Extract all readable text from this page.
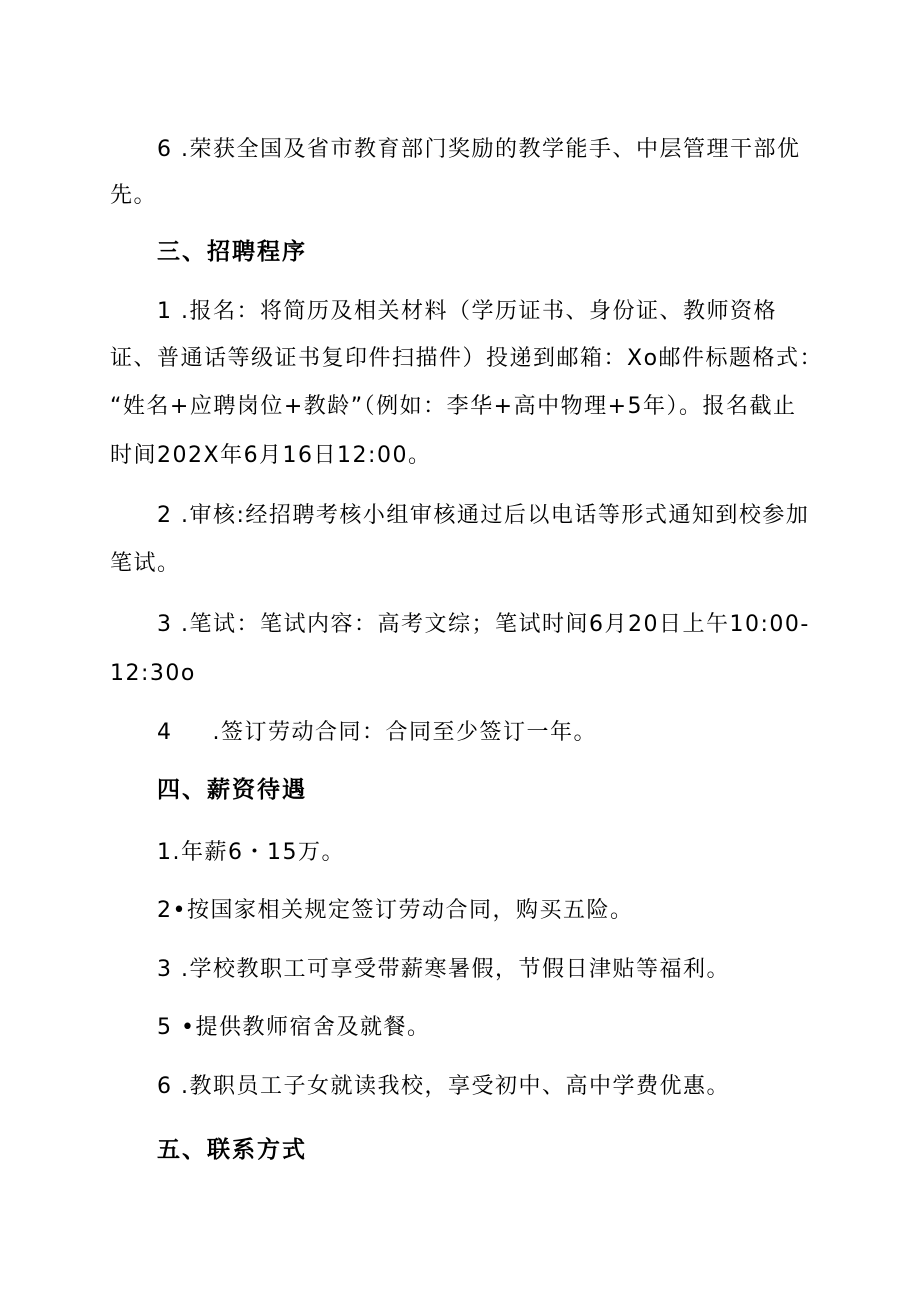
6 .荣获全国及省市教育部门奖励的教学能手、中层管理干部优
先。
三、招聘程序
1 .报名：将简历及相关材料（学历证书、身份证、教师资格
证、普通话等级证书复印件扫描件）投递到邮箱：Xo邮件标题格式：
“姓名+应聘岗位+教龄”（例如：李华+高中物理+5年）。报名截止
时间202X年6月16日12:00。
2 .审核:经招聘考核小组审核通过后以电话等形式通知到校参加
笔试。
3 .笔试：笔试内容：高考文综；笔试时间6月20日上午10:00-
12:30o
4 .签订劳动合同：合同至少签订一年。
四、薪资待遇
1.年薪6・15万。
2•按国家相关规定签订劳动合同，购买五险。
3 .学校教职工可享受带薪寒暑假，节假日津贴等福利。
5 •提供教师宿舍及就餐。
6 .教职员工子女就读我校，享受初中、高中学费优惠。
五、联系方式
